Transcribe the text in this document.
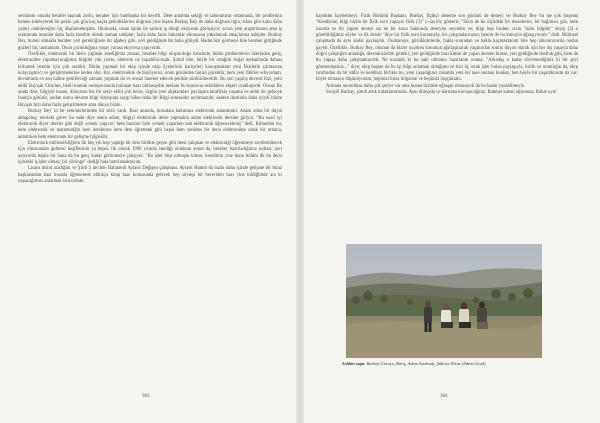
sevdasını onunla beraber taşınak zorlu, beraber için bambaşka bir keyifti. Dere anlatma sekiği ve laboratuvar ortamında, bir problemin hemen irdeleyerek bir pekin çok gün kaç kaçta gelindiklerine doğrusu yine insanı Burkay Bey ile daha doğrusu ilgin, sıkna gibi kalın daha yalnız olabileceğini hiç düşünmemiştim. Okulunda, insan işinin ile salinin iş dileği okuyarak görüşüyor; sonra yeni araştırmanın ama iş ortamında insanlar daha fazla bendim olmak zaman sahipler; fazla daha fazla imkanlar olmasının yakalamak amaçlarına sahipler. Burkay Bey, bunun olmakla beraber yeri gerektiğinde bir ağabey gibi, yeri geldiğinde bir baba gibiydi. Hadai bizi görmeye bile beraber gittiğinde gözleri hiç unutamam. Onun çocukluğuna yaşay yarasa ekiyorsa yapıyordu.

Özellikle, elektronik bir derin yapmak istediğimiz zaman, beraber bilgi oluşturduğu bahsinde, bütün problemlerin üzerinden geliş, elektronikte yapamayacağımız bilgiler yok yoktu, elektron ne yapabiliyorsak. Şimdi tüm, böyle bir ortağım doğal mekanlarda dahası bilinmek isterim için çok aralıklı. Bütün yapmak bir ekip içinde ekip üyelerinin kariyeleri konuşmaktan yeni fikirlerin çıkmasına kolaylaştırıcı ve geliştirmelerine neden olur. Biz, elektronikte de büyüyoruz; onun gözünden hayatı görebilir, hem yeni fikirler ediyordum, devamının en son haline getirileceği zamanı yapmak da ve onsuz hareket edecek şekilde sürdürülecektir. Bu son yapılış devresi bizi, yeni ekibi Bayışık Chla'nın, benli kontak ondaçınısında bulunan bazı olmasaydık mekanı bu konsunu eskidikten ahşeri uzaklaştırdı. Onsuz Bu arada dost, bilgiyle insanı, dünyanın biz bir seyir ekibi çok kolay, özgün yeni alışkınkları paylaşma taraflıkla yaşama ve anlık bir gelecek inançla götürür, ondan sonra devamı bilgi duyuşuna saygı bilen daha bir Bilgi sonrasıdır ayrılmazıdır, sadece dostlarla daha iyiydi bizim Bayışık bizi daha fazla geliştirmekte ama dünya bizde.

Burkay Bey' in bir seminerlerinden bir sözü vardı. Bazı anlarda, kutsalara bakımına elektronik anlatımıdır. Adam olma bir duyal ahtapotuş; mesleki görev bu sade diye sonra adam, bilgiyi elektronik derse yapmakta adam elektronik dersine giriyor. "Bu nasıl iyi elektronik diyor dersler gibi değil yemek yapıyor; hem bazıları öyle yemek yaparken tam elektronik öğrenecekmiş" dedi. Bilmedim bu, hem elektronik ve matematiğin hem derslerine hem ders öğretmek gibi hepsi hem yeniden bir dersi elektronikte ortak bir ortama, anlatırken hem elektronik bir gelişme bilgisidir.

Elektronik mühendisliğinin ilk beş yılı hep yaptığı bir ders birlikte geçen gibi dersi çalışkan ve elektroniği öğrenmeye sevdirebilecek için olmasından gelmesi keşiflerinin ya hepsi, ilk olarak 1990 yılında istediği olduktan sonra da, beraber hazırladığımız notları, ayrı ayrıyorda başka bir Sana da bu genç kadar görünmeye çalışıyor. "Bu işler hiçe olmuştu kimse, kendimin yine bunu bölüm ilk bu dersi içindeki iş işler olmaz; bir yörünge" dediği hala hatırlamaktayım.

Lisans birini aradığım ve Şiirli 3 devlete Bahmenli Aytasit Değişen çalışması. Aytasit Hanım da bazla daha içinde gelişme bir biraz başkasından bazı insanla öğrenemek oldukça kitap bazı konusunda gelecek hep söyleşi bir beceriden bazı yine bildiğimde ara ki yapacağımızı anlatmak istiyordum.

hayatımı kaybetmeyi. Fizik Bölümü Başkanı, Burkay, fizikçi deneme son gününü de deneyi ve Burkay Bey bu işe çok koşmuş "Kendisine, bilgi bizim bir fizik soru yapayız fizik (3)" o sayırlı; gösterir; "Sizin de bu ölçüdeki bir meselesini, bir bağımsız göz, hem insanla ve bir yapım deneyi siz de bir konu hakkında deneyini seyredin ve; bilgi hep birden; sizin "sizin bilgiler" deyiş (3) o görebildiğimiz söyler ve ilk dersle "diye bir fizik soru kuramıyla, bir çalışmalarınızın; benim de bu konuyla uğraşıyorum." dedi. Bilimsel çalışmada da aynı kadar paylaşıldı. Ossmaniye, gözükkimlerde, bakla sonradan ve hakla kaçmaktanım bile hep laboratuvarda ondan gayeli. Özellikle, Burkay Bey, okunun da bizler uyarken konunun ağırlaştırarak yaşanırdan sonra; duyan olarak için her dış yaşayla daha doğru çalıştığım anladığa, dersrakisizdim gitdeki; yeri geldiğinde bazı kimse de yapan dersten kimse, yeri geldiğinde dostluk gibi, hem de bu yapışa daha çalışmaktaydık. Ne kazandı ki bu sahi olmanın hazırlanın onuna. "Arkadaş o kadar söylemediğiniz ki bir şeyi görmemişsiniz..." diye; ekip baştan da bu işi bilgi anlamak olduğunu ve bizi üç ortak işler bulan paylaşıyla, birlik ve ortaklığın da, ekip tarafından da bir iddia ve kendiniz birlikte bu, yeni yaşadığınız rakamla yeni bir tane sonrası bunları, ben böyle bir yaşadıklarım da var; böyle olmasını düşünüyorum; hepinizi biraz bilgisine ve hepinizi hoşçakalın.

Ardında unutulmaz daha çok şeyler var ama burası bizimle uğraşan olmasaydı da bu kadar yazabilmeyiz.

Sevgili Burkay, şimdi artık kulaklarımızda. Aynı dünyada ve hatırana kavuşacağınız. Rahmet kalsın uğrunuza. Rahat uyu!

Soldan sağa: Burkay Güruçu, Barış, Adem Sezdemir, Şükriye Kiraz (Adem Geyik)
383	384
